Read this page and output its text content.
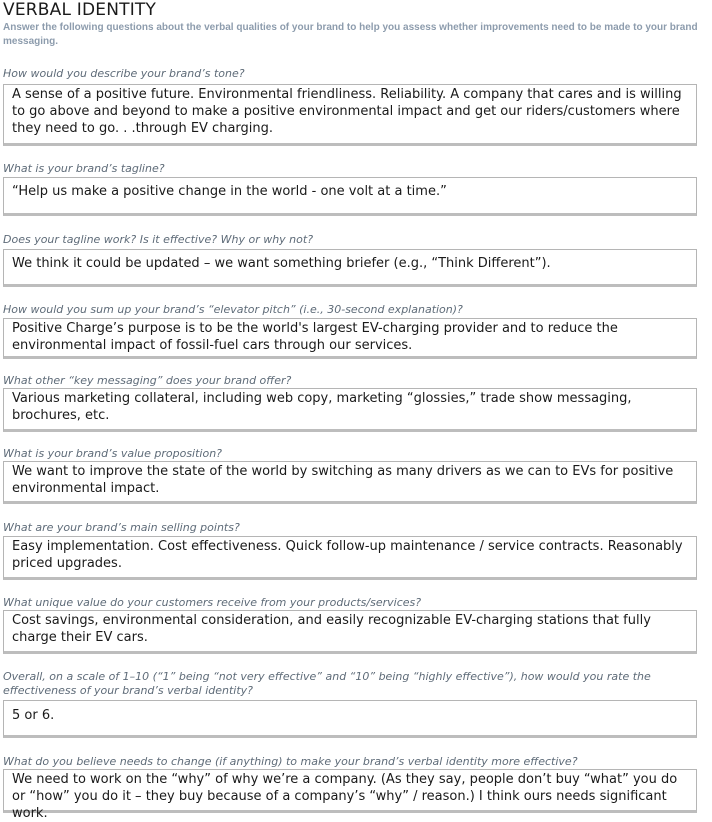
VERBAL IDENTITY
Answer the following questions about the verbal qualities of your brand to help you assess whether improvements need to be made to your brand messaging.
How would you describe your brand’s tone?
A sense of a positive future. Environmental friendliness. Reliability. A company that cares and is willing to go above and beyond to make a positive environmental impact and get our riders/customers where they need to go. . .through EV charging.
What is your brand’s tagline?
“Help us make a positive change in the world - one volt at a time.”
Does your tagline work? Is it effective? Why or why not?
We think it could be updated – we want something briefer (e.g., “Think Different”).
How would you sum up your brand’s “elevator pitch” (i.e., 30-second explanation)?
Positive Charge’s purpose is to be the world's largest EV-charging provider and to reduce the environmental impact of fossil-fuel cars through our services.
What other “key messaging” does your brand offer?
Various marketing collateral, including web copy, marketing “glossies,” trade show messaging, brochures, etc.
What is your brand’s value proposition?
We want to improve the state of the world by switching as many drivers as we can to EVs for positive environmental impact.
What are your brand’s main selling points?
Easy implementation. Cost effectiveness. Quick follow-up maintenance / service contracts. Reasonably priced upgrades.
What unique value do your customers receive from your products/services?
Cost savings, environmental consideration, and easily recognizable EV-charging stations that fully charge their EV cars.
Overall, on a scale of 1–10 (“1” being “not very effective” and “10” being “highly effective”), how would you rate the effectiveness of your brand’s verbal identity?
5 or 6.
What do you believe needs to change (if anything) to make your brand’s verbal identity more effective?
We need to work on the “why” of why we’re a company. (As they say, people don’t buy “what” you do or “how” you do it – they buy because of a company’s “why” / reason.) I think ours needs significant work.
